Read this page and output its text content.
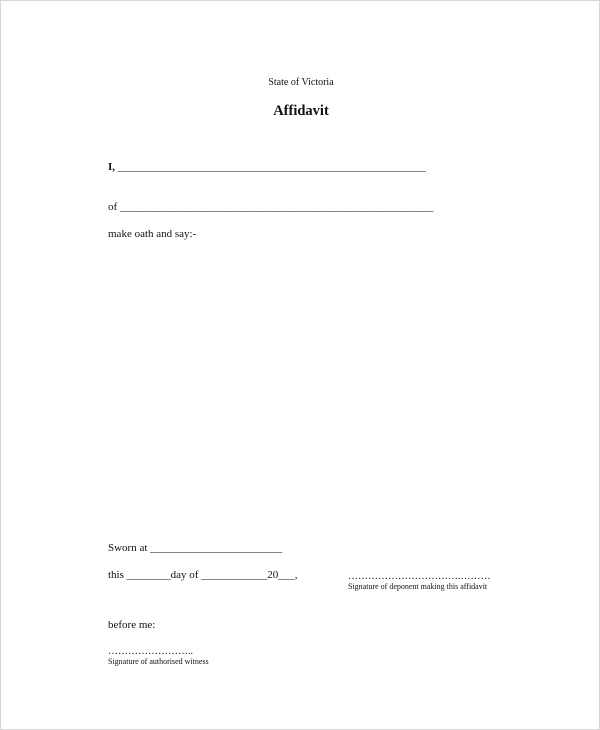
State of Victoria
Affidavit
I, ________________________________________________________
of _________________________________________________________
make oath and say:-
Sworn at ________________________
this ________day of ____________20___,	…………………………….………
Signature of deponent making this affidavit
before me:
……………………..
Signature of authorised witness
